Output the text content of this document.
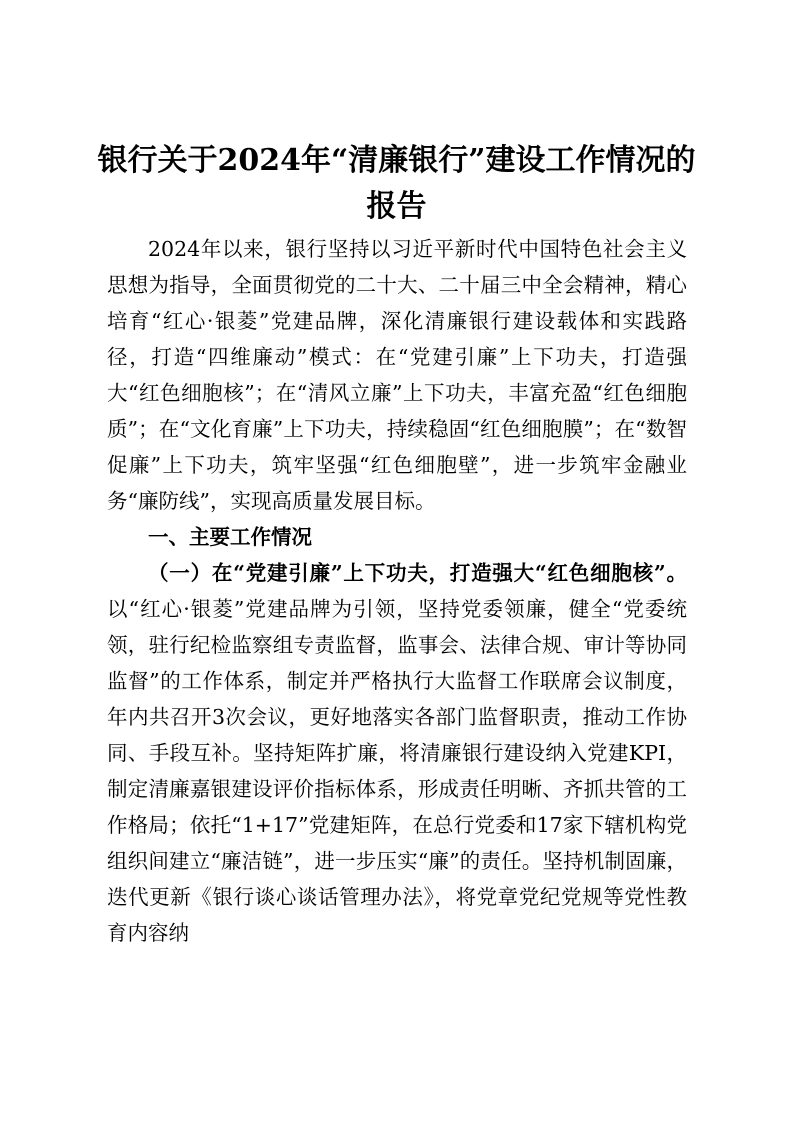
银行关于2024年“清廉银行”建设工作情况的报告

2024年以来，银行坚持以习近平新时代中国特色社会主义思想为指导，全面贯彻党的二十大、二十届三中全会精神，精心培育“红心·银菱”党建品牌，深化清廉银行建设载体和实践路径，打造“四维廉动”模式：在“党建引廉”上下功夫，打造强大“红色细胞核”；在“清风立廉”上下功夫，丰富充盈“红色细胞质”；在“文化育廉”上下功夫，持续稳固“红色细胞膜”；在“数智促廉”上下功夫，筑牢坚强“红色细胞壁”，进一步筑牢金融业务“廉防线”，实现高质量发展目标。

一、主要工作情况

（一）在“党建引廉”上下功夫，打造强大“红色细胞核”。以“红心·银菱”党建品牌为引领，坚持党委领廉，健全“党委统领，驻行纪检监察组专责监督，监事会、法律合规、审计等协同监督”的工作体系，制定并严格执行大监督工作联席会议制度，年内共召开3次会议，更好地落实各部门监督职责，推动工作协同、手段互补。坚持矩阵扩廉，将清廉银行建设纳入党建KPI，制定清廉嘉银建设评价指标体系，形成责任明晰、齐抓共管的工作格局；依托“1+17”党建矩阵，在总行党委和17家下辖机构党组织间建立“廉洁链”，进一步压实“廉”的责任。坚持机制固廉，迭代更新《银行谈心谈话管理办法》，将党章党纪党规等党性教育内容纳
